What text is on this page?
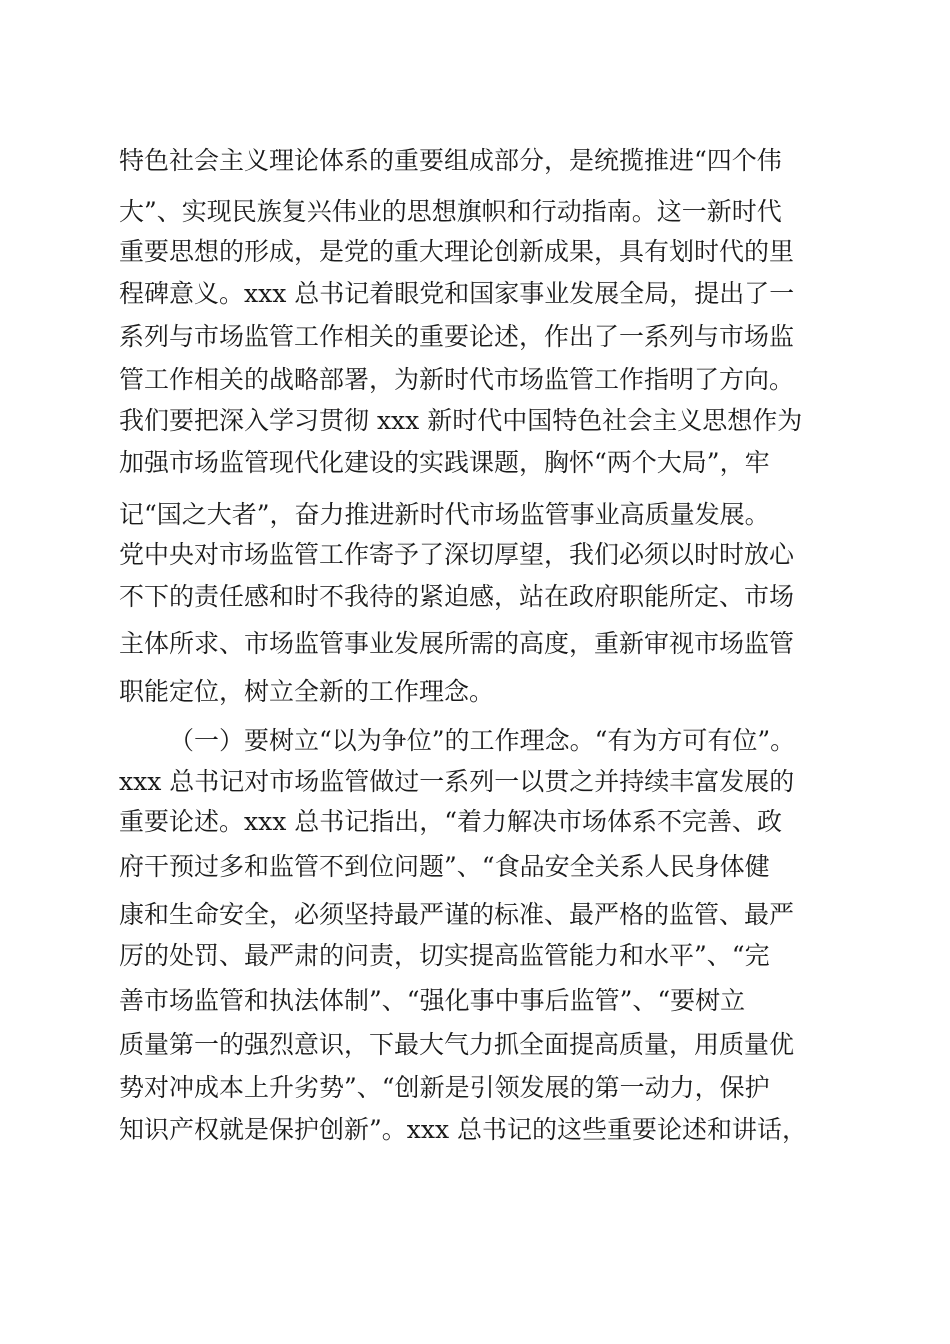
特色社会主义理论体系的重要组成部分，是统揽推进“四个伟
大”、实现民族复兴伟业的思想旗帜和行动指南。这一新时代
重要思想的形成，是党的重大理论创新成果，具有划时代的里
程碑意义。xxx 总书记着眼党和国家事业发展全局，提出了一
系列与市场监管工作相关的重要论述，作出了一系列与市场监
管工作相关的战略部署，为新时代市场监管工作指明了方向。
我们要把深入学习贯彻 xxx 新时代中国特色社会主义思想作为
加强市场监管现代化建设的实践课题，胸怀“两个大局”，牢
记“国之大者”，奋力推进新时代市场监管事业高质量发展。
党中央对市场监管工作寄予了深切厚望，我们必须以时时放心
不下的责任感和时不我待的紧迫感，站在政府职能所定、市场
主体所求、市场监管事业发展所需的高度，重新审视市场监管
职能定位，树立全新的工作理念。
（一）要树立“以为争位”的工作理念。“有为方可有位”。
xxx 总书记对市场监管做过一系列一以贯之并持续丰富发展的
重要论述。xxx 总书记指出，“着力解决市场体系不完善、政
府干预过多和监管不到位问题”、“食品安全关系人民身体健
康和生命安全，必须坚持最严谨的标准、最严格的监管、最严
厉的处罚、最严肃的问责，切实提高监管能力和水平”、“完
善市场监管和执法体制”、“强化事中事后监管”、“要树立
质量第一的强烈意识，下最大气力抓全面提高质量，用质量优
势对冲成本上升劣势”、“创新是引领发展的第一动力，保护
知识产权就是保护创新”。xxx 总书记的这些重要论述和讲话，
